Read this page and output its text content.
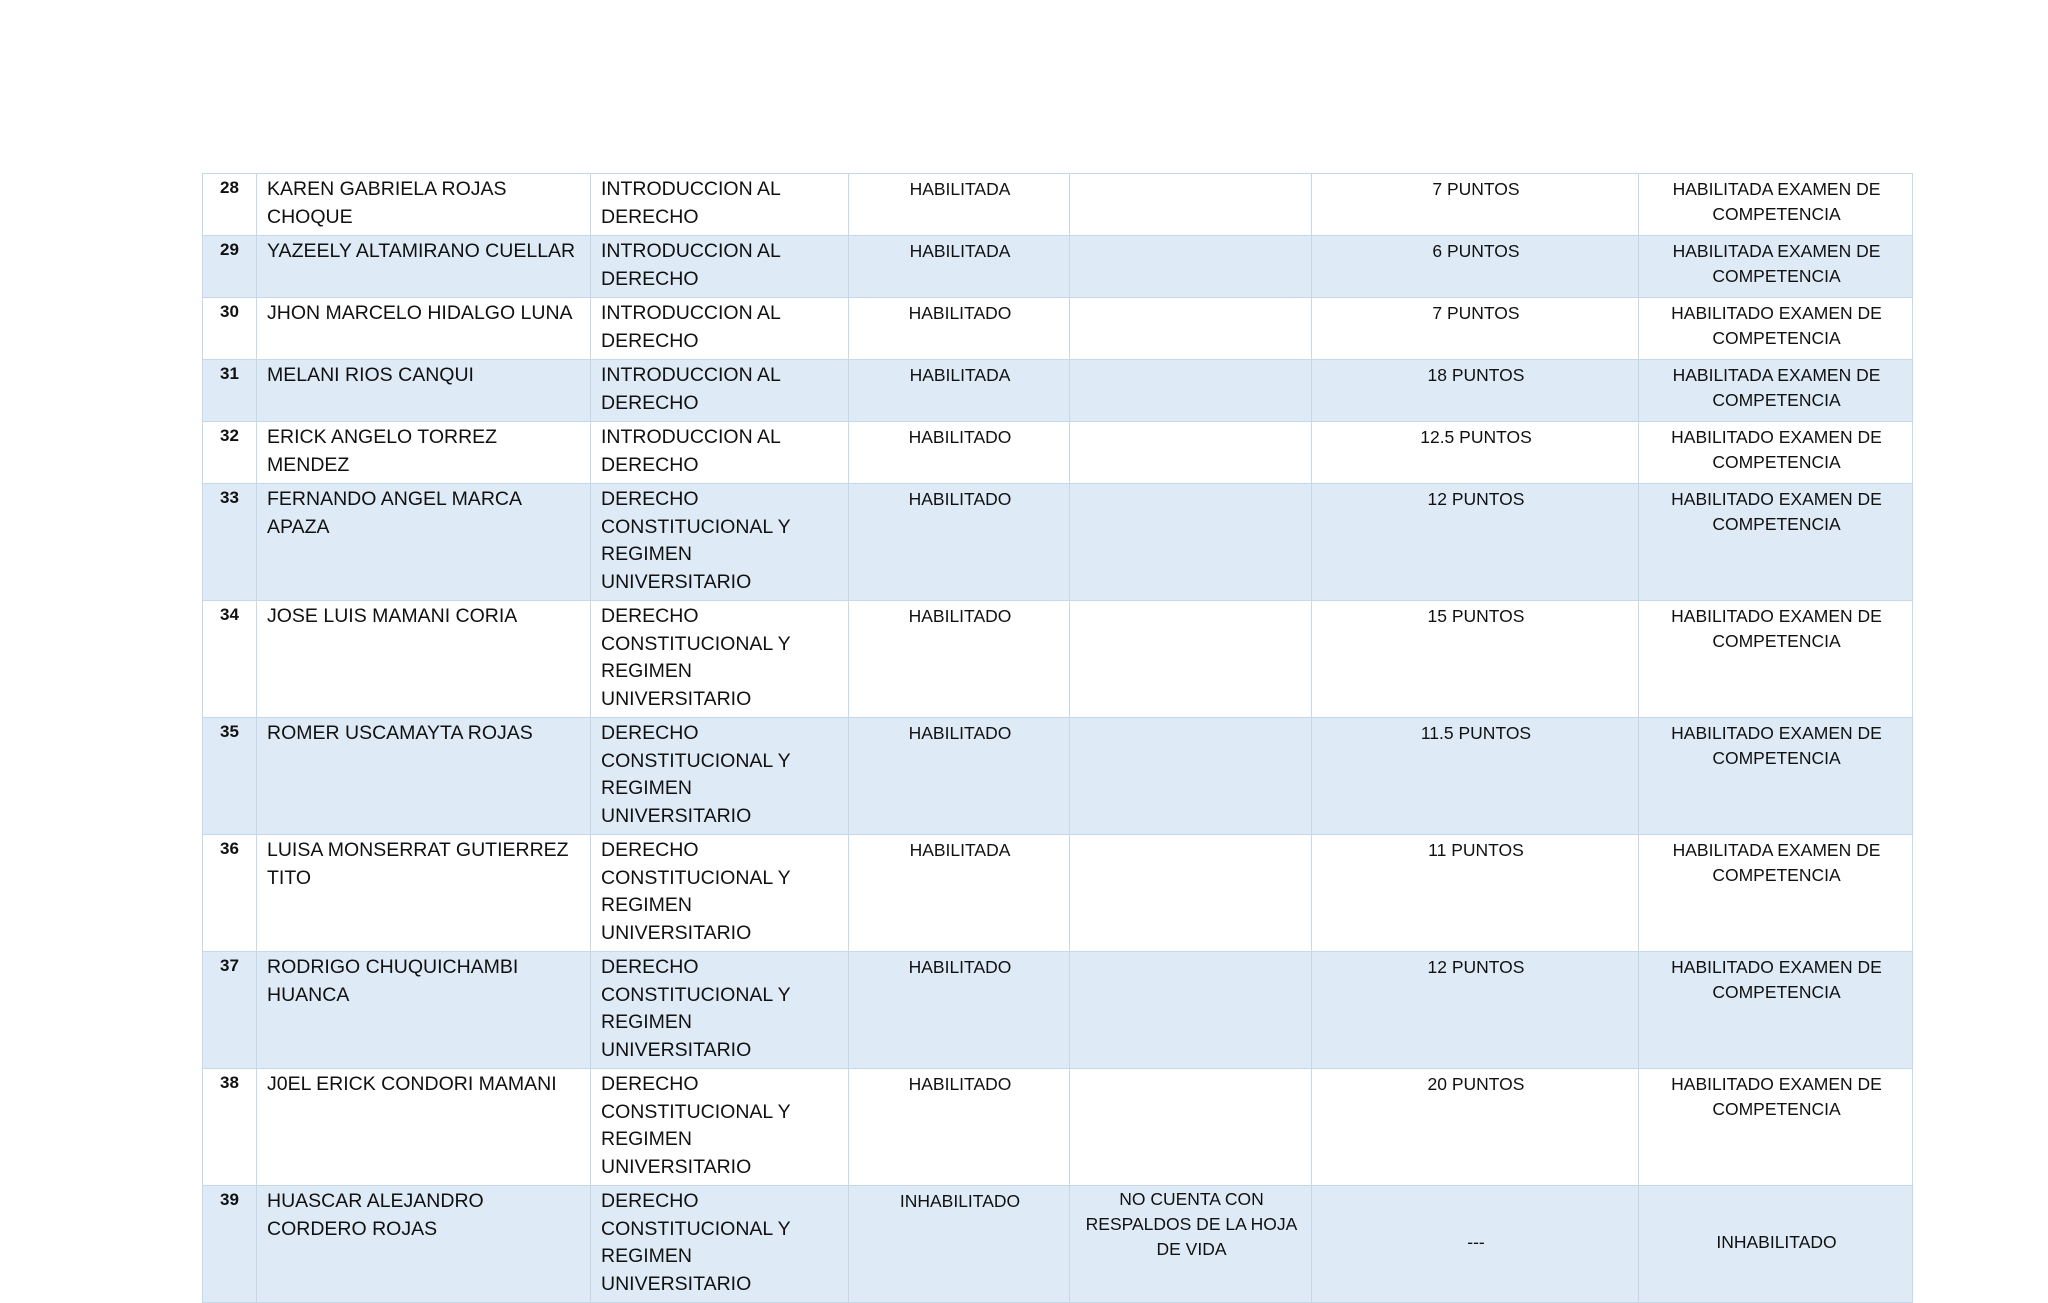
28	KAREN GABRIELA ROJAS CHOQUE	INTRODUCCION AL DERECHO	HABILITADA		7 PUNTOS	HABILITADA EXAMEN DE COMPETENCIA
29	YAZEELY ALTAMIRANO CUELLAR	INTRODUCCION AL DERECHO	HABILITADA		6 PUNTOS	HABILITADA EXAMEN DE COMPETENCIA
30	JHON MARCELO HIDALGO LUNA	INTRODUCCION AL DERECHO	HABILITADO		7 PUNTOS	HABILITADO EXAMEN DE COMPETENCIA
31	MELANI RIOS CANQUI	INTRODUCCION AL DERECHO	HABILITADA		18 PUNTOS	HABILITADA EXAMEN DE COMPETENCIA
32	ERICK ANGELO TORREZ MENDEZ	INTRODUCCION AL DERECHO	HABILITADO		12.5 PUNTOS	HABILITADO EXAMEN DE COMPETENCIA
33	FERNANDO ANGEL MARCA APAZA	DERECHO CONSTITUCIONAL Y REGIMEN UNIVERSITARIO	HABILITADO		12 PUNTOS	HABILITADO EXAMEN DE COMPETENCIA
34	JOSE LUIS MAMANI CORIA	DERECHO CONSTITUCIONAL Y REGIMEN UNIVERSITARIO	HABILITADO		15 PUNTOS	HABILITADO EXAMEN DE COMPETENCIA
35	ROMER USCAMAYTA ROJAS	DERECHO CONSTITUCIONAL Y REGIMEN UNIVERSITARIO	HABILITADO		11.5 PUNTOS	HABILITADO EXAMEN DE COMPETENCIA
36	LUISA MONSERRAT GUTIERREZ TITO	DERECHO CONSTITUCIONAL Y REGIMEN UNIVERSITARIO	HABILITADA		11 PUNTOS	HABILITADA EXAMEN DE COMPETENCIA
37	RODRIGO CHUQUICHAMBI HUANCA	DERECHO CONSTITUCIONAL Y REGIMEN UNIVERSITARIO	HABILITADO		12 PUNTOS	HABILITADO EXAMEN DE COMPETENCIA
38	J0EL ERICK CONDORI MAMANI	DERECHO CONSTITUCIONAL Y REGIMEN UNIVERSITARIO	HABILITADO		20 PUNTOS	HABILITADO EXAMEN DE COMPETENCIA
39	HUASCAR ALEJANDRO CORDERO ROJAS	DERECHO CONSTITUCIONAL Y REGIMEN UNIVERSITARIO	INHABILITADO	NO CUENTA CON RESPALDOS DE LA HOJA DE VIDA	---	INHABILITADO
